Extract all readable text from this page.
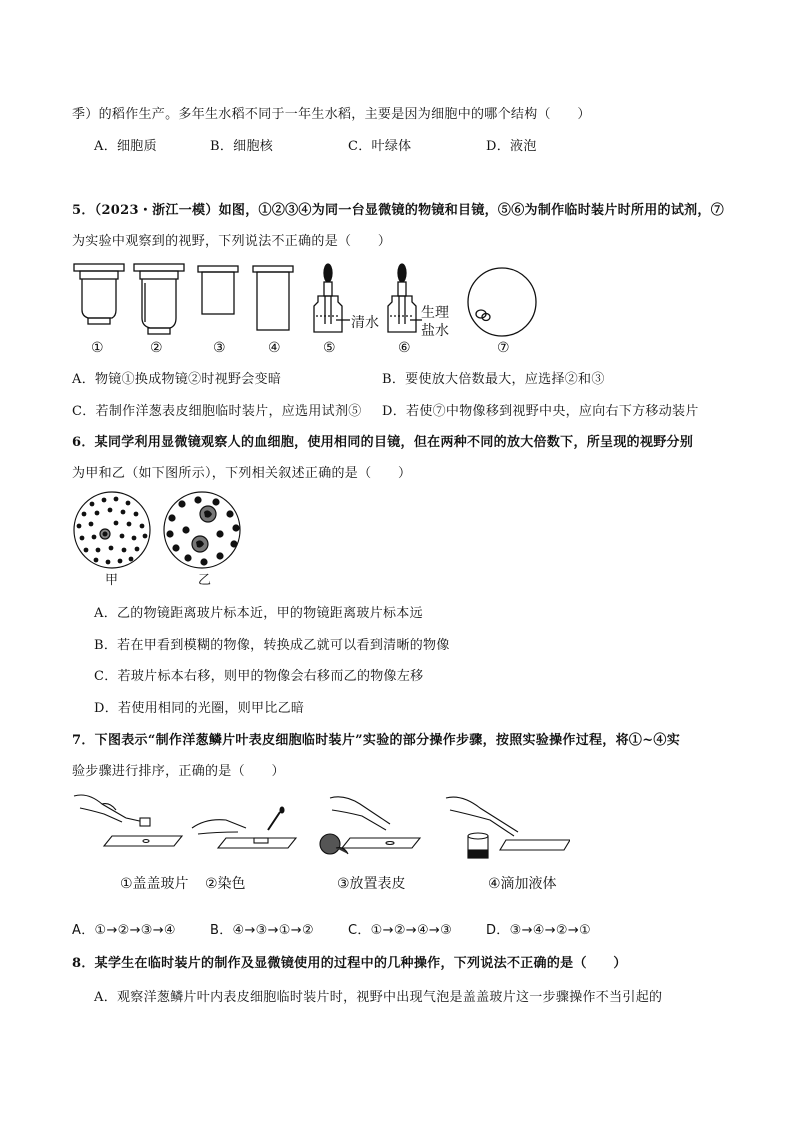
季）的稻作生产。多年生水稻不同于一年生水稻，主要是因为细胞中的哪个结构（　　）
A．细胞质	B．细胞核	C．叶绿体	D．液泡
5．（2023・浙江一模）如图，①②③④为同一台显微镜的物镜和目镜，⑤⑥为制作临时装片时所用的试剂，⑦
为实验中观察到的视野，下列说法不正确的是（　　）
清水
生理
盐水
①	②	③	④	⑤	⑥	⑦
A．物镜①换成物镜②时视野会变暗	B．要使放大倍数最大，应选择②和③
C．若制作洋葱表皮细胞临时装片，应选用试剂⑤ D．若使⑦中物像移到视野中央，应向右下方移动装片
6．某同学利用显微镜观察人的血细胞，使用相同的目镜，但在两种不同的放大倍数下，所呈现的视野分别
为甲和乙（如下图所示），下列相关叙述正确的是（　　）
甲	乙
A．乙的物镜距离玻片标本近，甲的物镜距离玻片标本远
B．若在甲看到模糊的物像，转换成乙就可以看到清晰的物像
C．若玻片标本右移，则甲的物像会右移而乙的物像左移
D．若使用相同的光圈，则甲比乙暗
7．下图表示“制作洋葱鳞片叶表皮细胞临时装片”实验的部分操作步骤，按照实验操作过程，将①~④实
验步骤进行排序，正确的是（　　）
①盖盖玻片 ②染色	③放置表皮	④滴加液体
A．①→②→③→④	B．④→③→①→②	C．①→②→④→③	D．③→④→②→①
8．某学生在临时装片的制作及显微镜使用的过程中的几种操作，下列说法不正确的是（　　）
A．观察洋葱鳞片叶内表皮细胞临时装片时，视野中出现气泡是盖盖玻片这一步骤操作不当引起的
